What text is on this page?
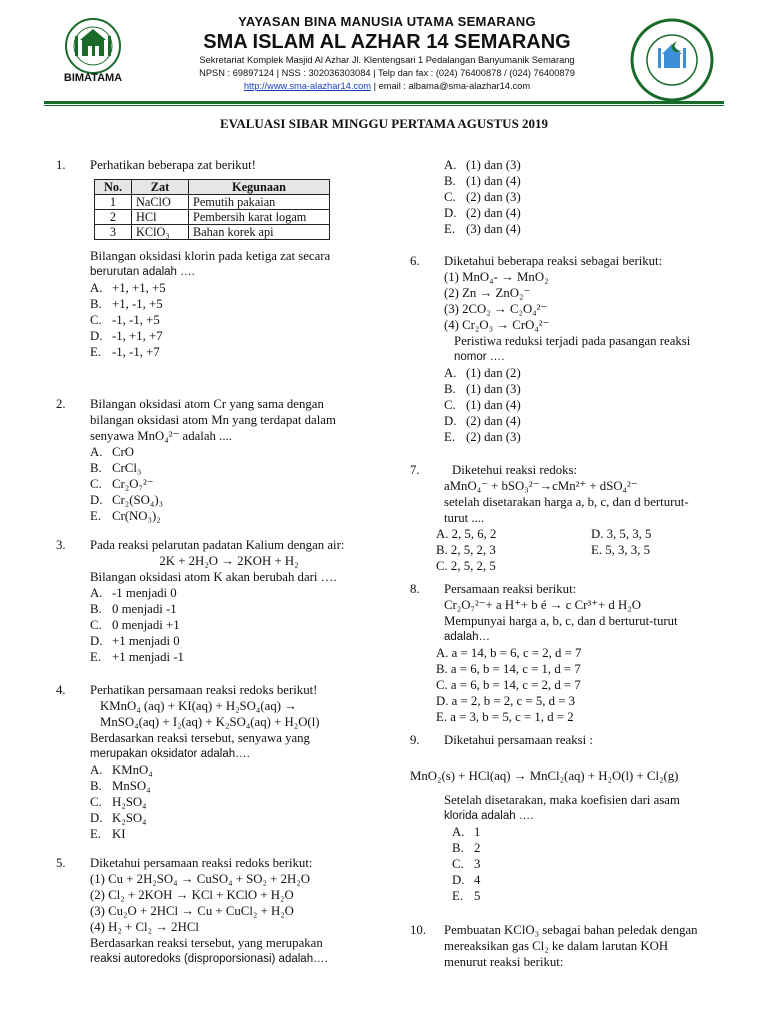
BIMATAMA
YAYASAN BINA MANUSIA UTAMA SEMARANG
SMA ISLAM AL AZHAR 14 SEMARANG
Sekretariat Komplek Masjid Al Azhar Jl. Klentengsari 1 Pedalangan Banyumanik Semarang
NPSN : 69897124 | NSS : 302036303084 | Telp dan fax : (024) 76400878 / (024) 76400879
http://www.sma-alazhar14.com | email : albama@sma-alazhar14.com
EVALUASI SIBAR MINGGU PERTAMA AGUSTUS 2019
1. Perhatikan beberapa zat berikut!
No.	Zat	Kegunaan
1	NaClO	Pemutih pakaian
2	HCl	Pembersih karat logam
3	KClO₃	Bahan korek api
Bilangan oksidasi klorin pada ketiga zat secara
berurutan adalah ….
A. +1, +1, +5
B. +1, -1, +5
C. -1, -1, +5
D. -1, +1, +7
E. -1, -1, +7
2. Bilangan oksidasi atom Cr yang sama dengan
bilangan oksidasi atom Mn yang terdapat dalam
senyawa MnO₄²⁻ adalah ....
A. CrO
B. CrCl₃
C. Cr₂O₇²⁻
D. Cr₂(SO₄)₃
E. Cr(NO₃)₂
3. Pada reaksi pelarutan padatan Kalium dengan air:
2K + 2H₂O → 2KOH + H₂
Bilangan oksidasi atom K akan berubah dari ….
A. -1 menjadi 0
B. 0 menjadi -1
C. 0 menjadi +1
D. +1 menjadi 0
E. +1 menjadi -1
4. Perhatikan persamaan reaksi redoks berikut!
KMnO₄ (aq) + KI(aq) + H₂SO₄(aq) →
MnSO₄(aq) + I₂(aq) + K₂SO₄(aq) + H₂O(l)
Berdasarkan reaksi tersebut, senyawa yang
merupakan oksidator adalah….
A. KMnO₄
B. MnSO₄
C. H₂SO₄
D. K₂SO₄
E. KI
5. Diketahui persamaan reaksi redoks berikut:
(1) Cu + 2H₂SO₄ → CuSO₄ + SO₂ + 2H₂O
(2) Cl₂ + 2KOH → KCl + KClO + H₂O
(3) Cu₂O + 2HCl → Cu + CuCl₂ + H₂O
(4) H₂ + Cl₂ → 2HCl
Berdasarkan reaksi tersebut, yang merupakan
reaksi autoredoks (disproporsionasi) adalah….
A. (1) dan (3)
B. (1) dan (4)
C. (2) dan (3)
D. (2) dan (4)
E. (3) dan (4)
6. Diketahui beberapa reaksi sebagai berikut:
(1) MnO₄- → MnO₂
(2) Zn → ZnO₂⁻
(3) 2CO₂ → C₂O₄²⁻
(4) Cr₂O₃ → CrO₄²⁻
Peristiwa reduksi terjadi pada pasangan reaksi
nomor ….
A. (1) dan (2)
B. (1) dan (3)
C. (1) dan (4)
D. (2) dan (4)
E. (2) dan (3)
7.	Diketehui reaksi redoks:
aMnO₄⁻ + bSO₃²⁻→cMn²⁺ + dSO₄²⁻
setelah disetarakan harga a, b, c, dan d berturut-
turut ....
A. 2, 5, 6, 2	D. 3, 5, 3, 5
B. 2, 5, 2, 3	E. 5, 3, 3, 5
C. 2, 5, 2, 5
8. Persamaan reaksi berikut:
Cr₂O₇²⁻+ a H⁺+ b é → c Cr³⁺+ d H₂O
Mempunyai harga a, b, c, dan d berturut-turut
adalah…
A. a = 14, b = 6, c = 2, d = 7
B. a = 6, b = 14, c = 1, d = 7
C. a = 6, b = 14, c = 2, d = 7
D. a = 2, b = 2, c = 5, d = 3
E. a = 3, b = 5, c = 1, d = 2
9. Diketahui persamaan reaksi :
MnO₂(s) + HCl(aq) → MnCl₂(aq) + H₂O(l) + Cl₂(g)
Setelah disetarakan, maka koefisien dari asam
klorida adalah ….
A. 1
B. 2
C. 3
D. 4
E. 5
10. Pembuatan KClO₃ sebagai bahan peledak dengan
mereaksikan gas Cl₂ ke dalam larutan KOH
menurut reaksi berikut:
